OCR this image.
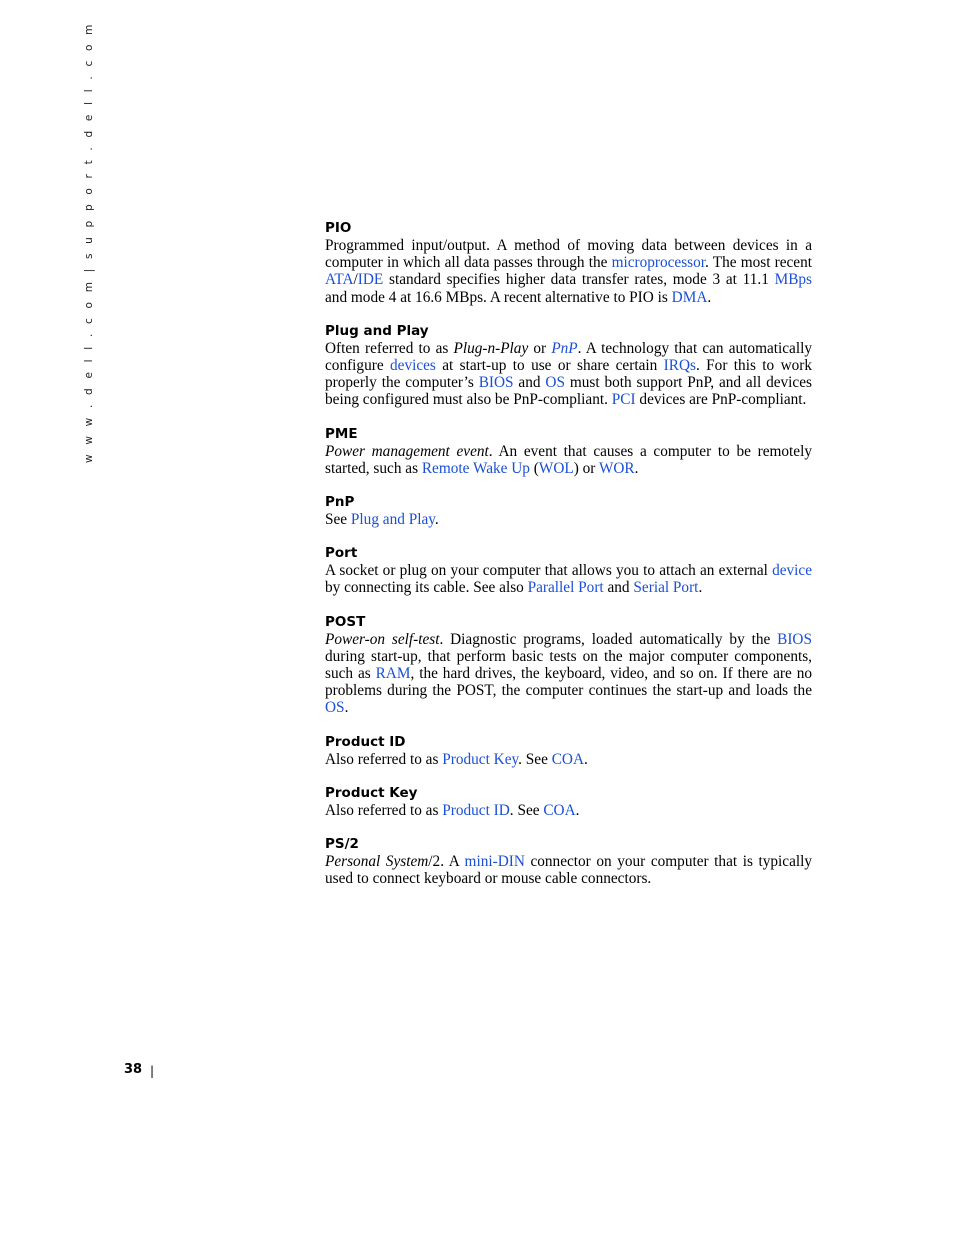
w w w . d e l l . c o m | s u p p o r t . d e l l . c o m	PIO
Programmed input/output. A method of moving data between devices in a computer in which all data passes through the microprocessor. The most recent ATA/IDE standard specifies higher data transfer rates, mode 3 at 11.1 MBps and mode 4 at 16.6 MBps. A recent alternative to PIO is DMA.
Plug and Play
Often referred to as Plug-n-Play or PnP. A technology that can automatically configure devices at start-up to use or share certain IRQs. For this to work properly the computer’s BIOS and OS must both support PnP, and all devices being configured must also be PnP-compliant. PCI devices are PnP-compliant.
PME
Power management event. An event that causes a computer to be remotely started, such as Remote Wake Up (WOL) or WOR.
PnP
See Plug and Play.
Port
A socket or plug on your computer that allows you to attach an external device by connecting its cable. See also Parallel Port and Serial Port.
POST
Power-on self-test. Diagnostic programs, loaded automatically by the BIOS during start-up, that perform basic tests on the major computer components, such as RAM, the hard drives, the keyboard, video, and so on. If there are no problems during the POST, the computer continues the start-up and loads the OS.
Product ID
Also referred to as Product Key. See COA.
Product Key
Also referred to as Product ID. See COA.
PS/2
Personal System/2. A mini-DIN connector on your computer that is typically used to connect keyboard or mouse cable connectors.
38 |
